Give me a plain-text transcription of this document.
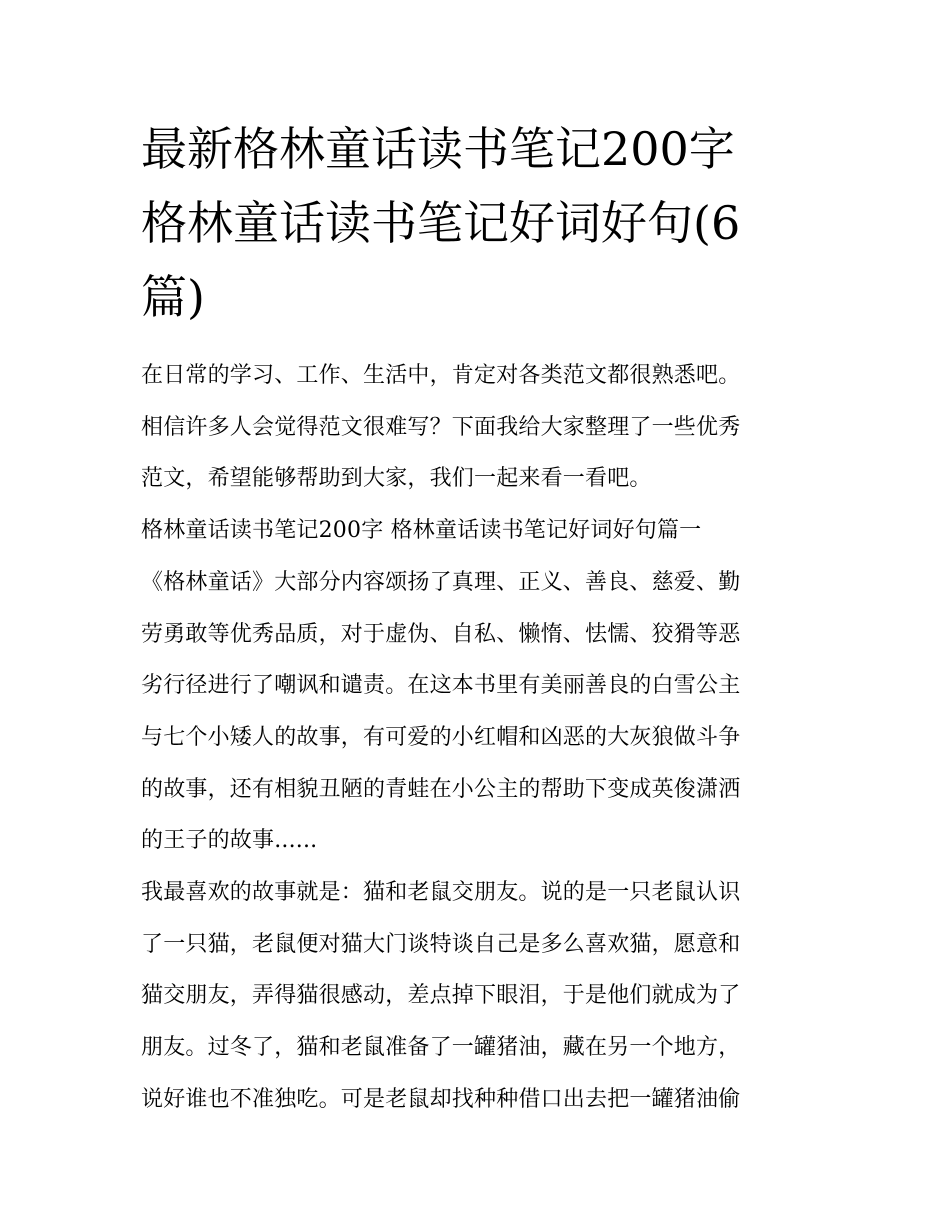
最新格林童话读书笔记200字
格林童话读书笔记好词好句(6
篇)
在日常的学习、工作、生活中，肯定对各类范文都很熟悉吧。
相信许多人会觉得范文很难写？下面我给大家整理了一些优秀
范文，希望能够帮助到大家，我们一起来看一看吧。
格林童话读书笔记200字 格林童话读书笔记好词好句篇一
《格林童话》大部分内容颂扬了真理、正义、善良、慈爱、勤
劳勇敢等优秀品质，对于虚伪、自私、懒惰、怯懦、狡猾等恶
劣行径进行了嘲讽和谴责。在这本书里有美丽善良的白雪公主
与七个小矮人的故事，有可爱的小红帽和凶恶的大灰狼做斗争
的故事，还有相貌丑陋的青蛙在小公主的帮助下变成英俊潇洒
的王子的故事......
我最喜欢的故事就是：猫和老鼠交朋友。说的是一只老鼠认识
了一只猫，老鼠便对猫大门谈特谈自己是多么喜欢猫，愿意和
猫交朋友，弄得猫很感动，差点掉下眼泪，于是他们就成为了
朋友。过冬了，猫和老鼠准备了一罐猪油，藏在另一个地方，
说好谁也不准独吃。可是老鼠却找种种借口出去把一罐猪油偷
